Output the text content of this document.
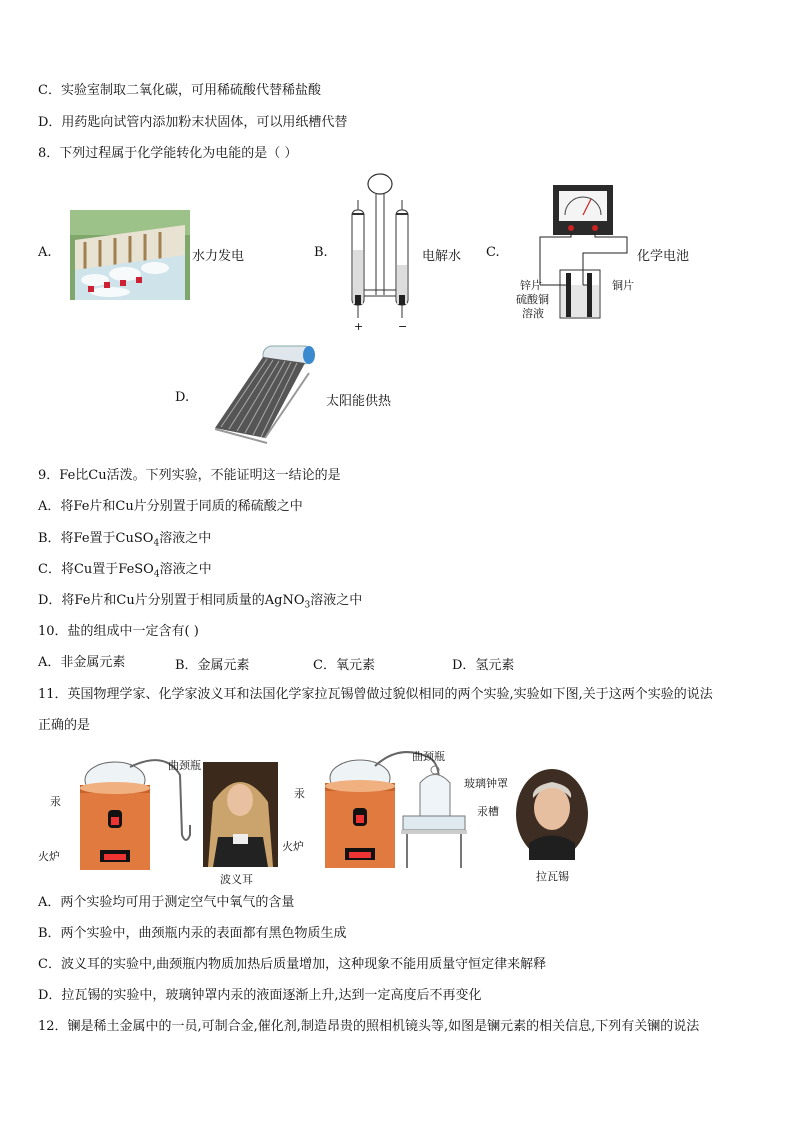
C．实验室制取二氧化碳，可用稀硫酸代替稀盐酸
D．用药匙向试管内添加粉末状固体，可以用纸槽代替
8．下列过程属于化学能转化为电能的是（ ）
A.	水力发电	B.
+	−
电解水 C.
锌片
硫酸铜
溶液
铜片
化学电池
D.	太阳能供热
9．Fe比Cu活泼。下列实验，不能证明这一结论的是
A．将Fe片和Cu片分别置于同质的稀硫酸之中
B．将Fe置于CuSO$_4$溶液之中
C．将Cu置于FeSO$_4$溶液之中
D．将Fe片和Cu片分别置于相同质量的AgNO$_3$溶液之中
10．盐的组成中一定含有( )
A．非金属元素	B．金属元素	C．氧元素	D．氢元素
11．英国物理学家、化学家波义耳和法国化学家拉瓦锡曾做过貌似相同的两个实验,实验如下图,关于这两个实验的说法
正确的是
曲颈瓶
汞
火炉
波义耳
曲颈瓶
汞
火炉
玻璃钟罩
汞槽
拉瓦锡
A．两个实验均可用于测定空气中氧气的含量
B．两个实验中，曲颈瓶内汞的表面都有黑色物质生成
C．波义耳的实验中,曲颈瓶内物质加热后质量增加，这种现象不能用质量守恒定律来解释
D．拉瓦锡的实验中，玻璃钟罩内汞的液面逐渐上升,达到一定高度后不再变化
12．镧是稀土金属中的一员,可制合金,催化剂,制造昂贵的照相机镜头等,如图是镧元素的相关信息,下列有关镧的说法
